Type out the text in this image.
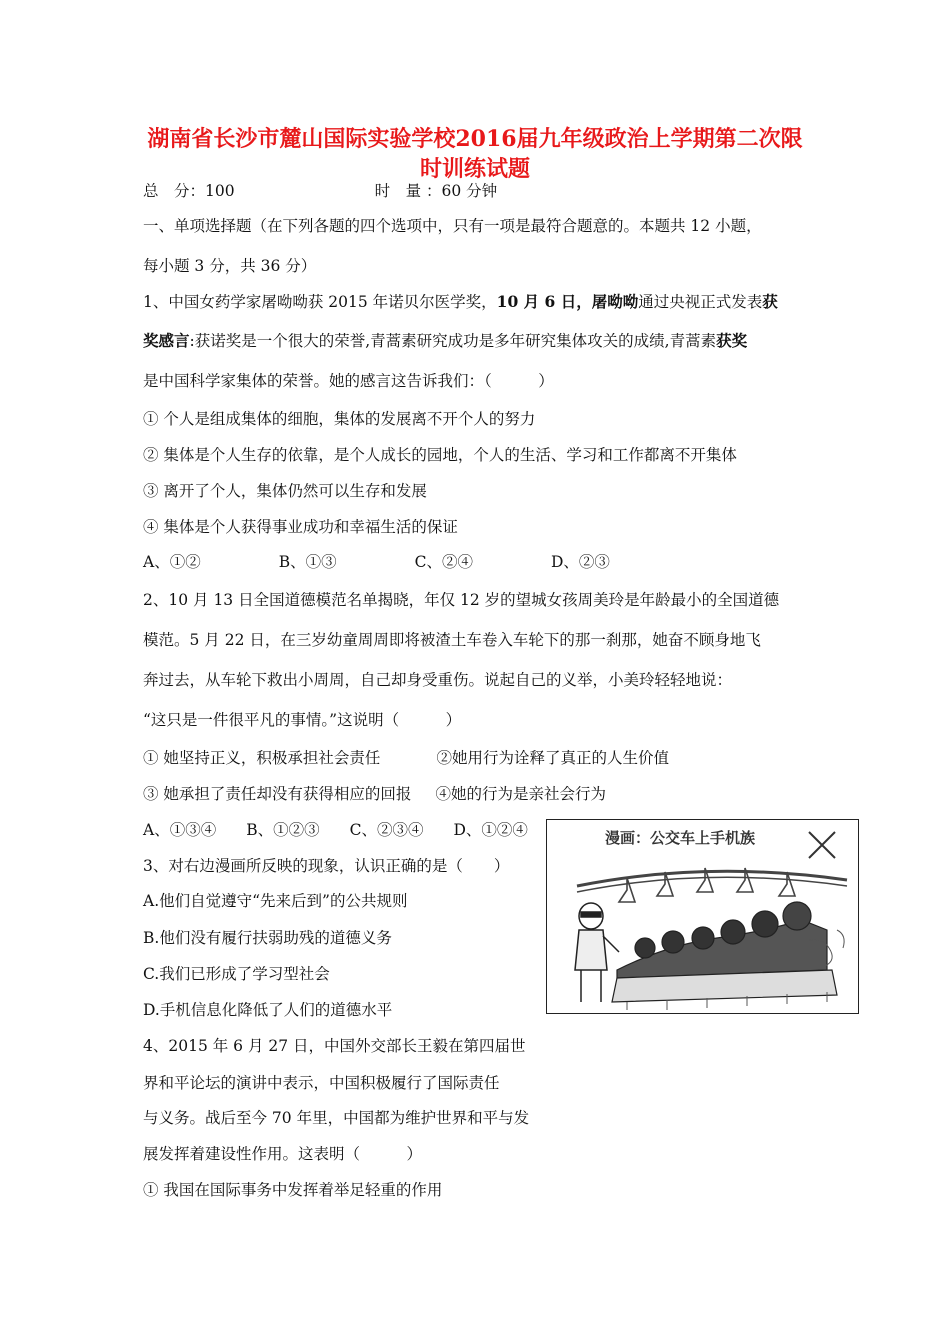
湖南省长沙市麓山国际实验学校2016届九年级政治上学期第二次限
时训练试题
总　分：100	时　量 ：60 分钟
一、单项选择题（在下列各题的四个选项中，只有一项是最符合题意的。本题共 12 小题，
每小题 3 分，共 36 分）
1、中国女药学家屠呦呦获 2015 年诺贝尔医学奖，10 月 6 日，屠呦呦通过央视正式发表获
奖感言:获诺奖是一个很大的荣誉,青蒿素研究成功是多年研究集体攻关的成绩,青蒿素获奖
是中国科学家集体的荣誉。她的感言这告诉我们：（　　　）
① 个人是组成集体的细胞，集体的发展离不开个人的努力
② 集体是个人生存的依靠，是个人成长的园地，个人的生活、学习和工作都离不开集体
③ 离开了个人，集体仍然可以生存和发展
④ 集体是个人获得事业成功和幸福生活的保证
A、①②	B、①③	C、②④	D、②③
2、10 月 13 日全国道德模范名单揭晓，年仅 12 岁的望城女孩周美玲是年龄最小的全国道德
模范。5 月 22 日，在三岁幼童周周即将被渣土车卷入车轮下的那一刹那，她奋不顾身地飞
奔过去，从车轮下救出小周周，自己却身受重伤。说起自己的义举，小美玲轻轻地说：
“这只是一件很平凡的事情。”这说明（　　　）
① 她坚持正义，积极承担社会责任	②她用行为诠释了真正的人生价值
③ 她承担了责任却没有获得相应的回报 ④她的行为是亲社会行为
A、①③④ B、①②③ C、②③④ D、①②④
3、对右边漫画所反映的现象，认识正确的是（　　）
A.他们自觉遵守“先来后到”的公共规则
B.他们没有履行扶弱助残的道德义务
C.我们已形成了学习型社会
D.手机信息化降低了人们的道德水平
漫画：公交车上手机族
4、2015 年 6 月 27 日，中国外交部长王毅在第四届世
界和平论坛的演讲中表示，中国积极履行了国际责任
与义务。战后至今 70 年里，中国都为维护世界和平与发
展发挥着建设性作用。这表明（　　　）
① 我国在国际事务中发挥着举足轻重的作用
